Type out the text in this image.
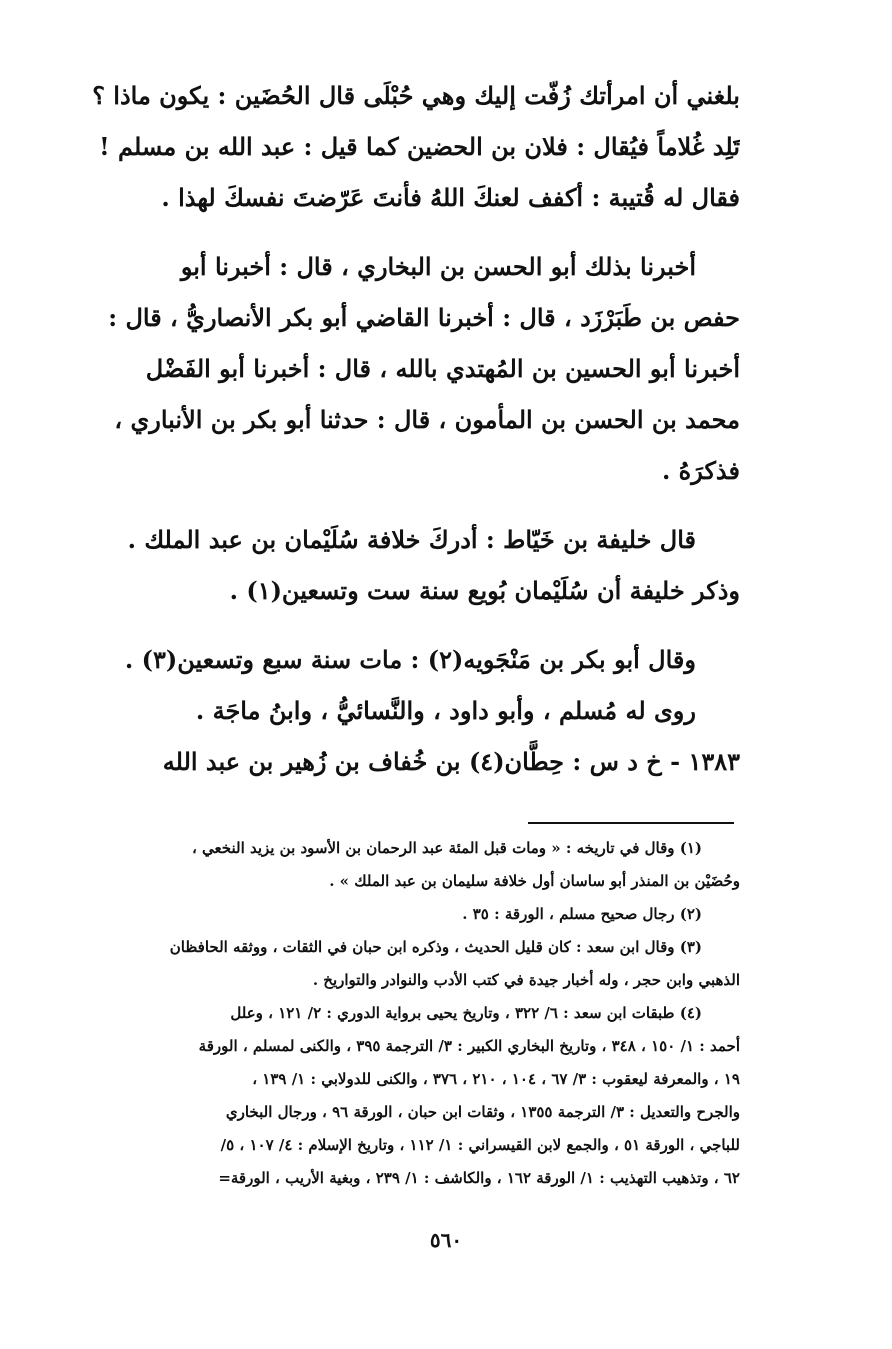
بلغني أن امرأتك زُفّت إليك وهي حُبْلَى قال الحُضَين : يكون ماذا ؟
تَلِد غُلاماً فيُقال : فلان بن الحضين كما قيل : عبد الله بن مسلم !
فقال له قُتيبة : أكفف لعنكَ اللهُ فأنتَ عَرّضتَ نفسكَ لهذا .
أخبرنا بذلك أبو الحسن بن البخاري ، قال : أخبرنا أبو
حفص بن طَبَرْزَد ، قال : أخبرنا القاضي أبو بكر الأنصاريُّ ، قال :
أخبرنا أبو الحسين بن المُهتدي بالله ، قال : أخبرنا أبو الفَضْل
محمد بن الحسن بن المأمون ، قال : حدثنا أبو بكر بن الأنباري ،
فذكرَهُ .
قال خليفة بن خَيّاط : أدركَ خلافة سُلَيْمان بن عبد الملك .
وذكر خليفة أن سُلَيْمان بُويع سنة ست وتسعين(١) .
وقال أبو بكر بن مَنْجَويه(٢) : مات سنة سبع وتسعين(٣) .
روى له مُسلم ، وأبو داود ، والنَّسائيُّ ، وابنُ ماجَة .
١٣٨٣ - خ د س : حِطَّان(٤) بن خُفاف بن زُهير بن عبد الله
(١) وقال في تاريخه : « ومات قبل المئة عبد الرحمان بن الأسود بن يزيد النخعي ،
وحُضَيْن بن المنذر أبو ساسان أول خلافة سليمان بن عبد الملك » .
(٢) رجال صحيح مسلم ، الورقة : ٣٥ .
(٣) وقال ابن سعد : كان قليل الحديث ، وذكره ابن حبان في الثقات ، ووثقه الحافظان
الذهبي وابن حجر ، وله أخبار جيدة في كتب الأدب والنوادر والتواريخ .
(٤) طبقات ابن سعد : ٦/ ٣٢٢ ، وتاريخ يحيى برواية الدوري : ٢/ ١٢١ ، وعلل
أحمد : ١/ ١٥٠ ، ٣٤٨ ، وتاريخ البخاري الكبير : ٣/ الترجمة ٣٩٥ ، والكنى لمسلم ، الورقة
١٩ ، والمعرفة ليعقوب : ٣/ ٦٧ ، ١٠٤ ، ٢١٠ ، ٣٧٦ ، والكنى للدولابي : ١/ ١٣٩ ،
والجرح والتعديل : ٣/ الترجمة ١٣٥٥ ، وثقات ابن حبان ، الورقة ٩٦ ، ورجال البخاري
للباجي ، الورقة ٥١ ، والجمع لابن القيسراني : ١/ ١١٢ ، وتاريخ الإسلام : ٤/ ١٠٧ ، ٥/
٦٢ ، وتذهيب التهذيب : ١/ الورقة ١٦٢ ، والكاشف : ١/ ٢٣٩ ، وبغية الأريب ، الورقة=
٥٦٠
